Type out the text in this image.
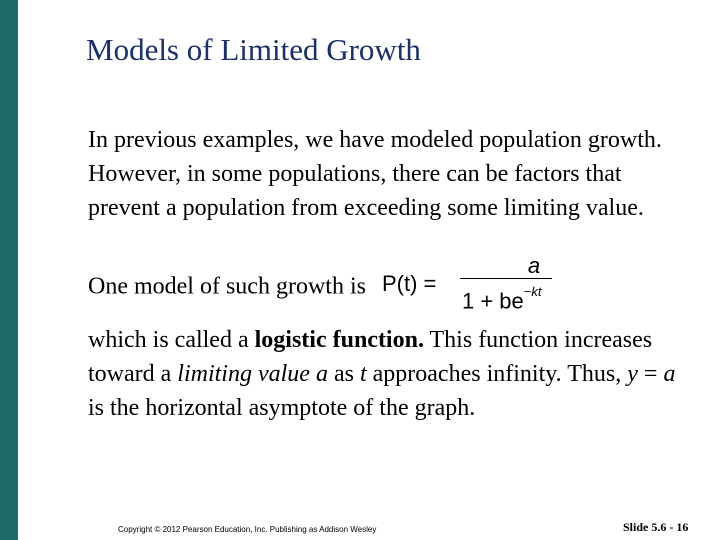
Models of Limited Growth
In previous examples, we have modeled population growth. However, in some populations, there can be factors that prevent a population from exceeding some limiting value.
One model of such growth is P(t) =
a
$1 + be^{-kt}$
which is called a logistic function. This function increases toward a limiting value a as t approaches infinity. Thus, y = a is the horizontal asymptote of the graph.
Copyright © 2012 Pearson Education, Inc. Publishing as Addison Wesley	Slide 5.6 - 16
